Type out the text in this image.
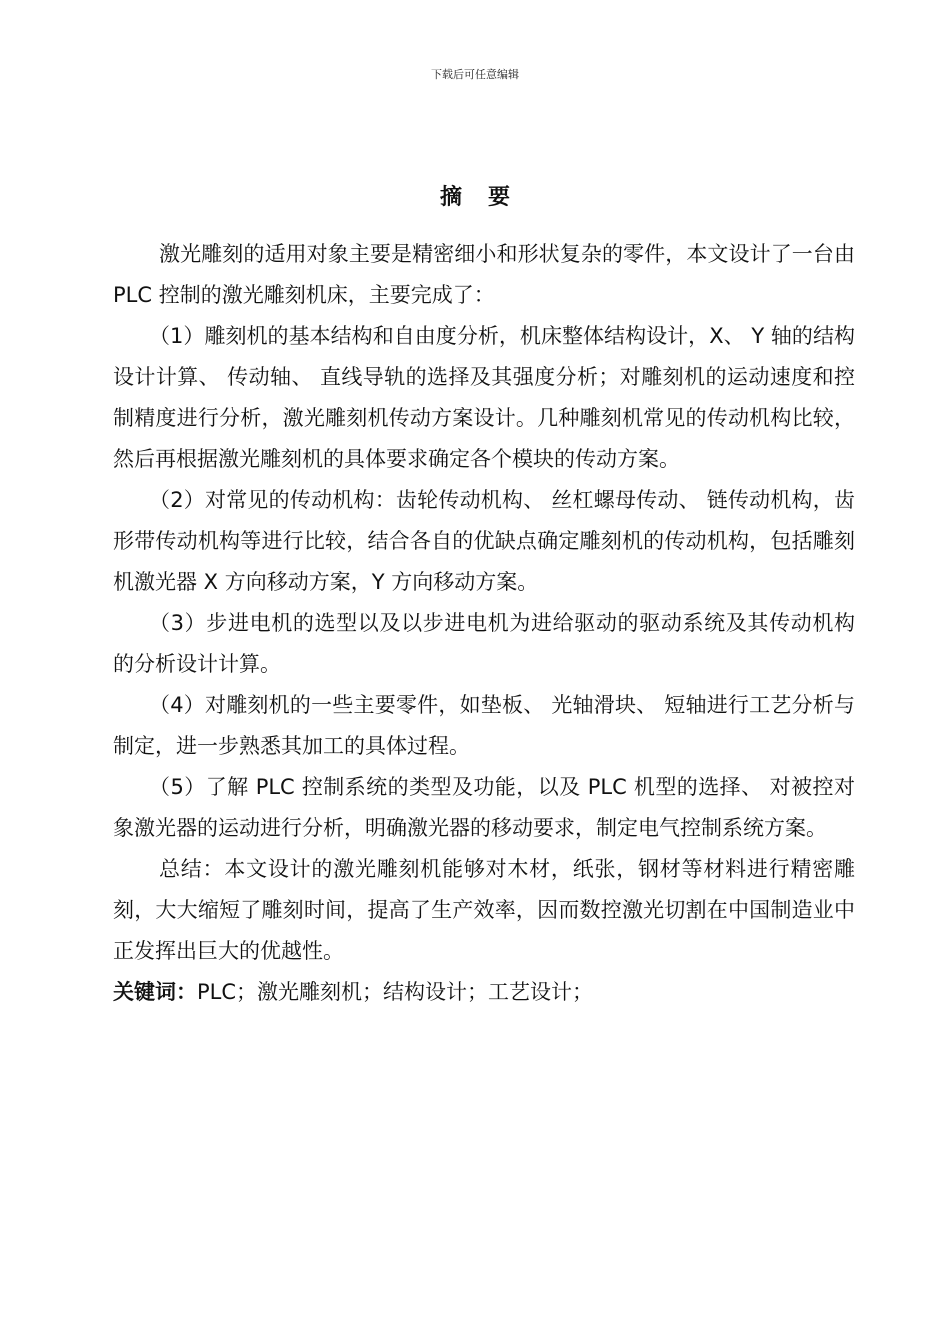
下载后可任意编辑
摘 要

激光雕刻的适用对象主要是精密细小和形状复杂的零件，本文设计了一台由 PLC 控制的激光雕刻机床，主要完成了：

（1）雕刻机的基本结构和自由度分析，机床整体结构设计，X、 Y 轴的结构设计计算、 传动轴、 直线导轨的选择及其强度分析；对雕刻机的运动速度和控制精度进行分析，激光雕刻机传动方案设计。几种雕刻机常见的传动机构比较，然后再根据激光雕刻机的具体要求确定各个模块的传动方案。

（2）对常见的传动机构：齿轮传动机构、 丝杠螺母传动、 链传动机构，齿形带传动机构等进行比较，结合各自的优缺点确定雕刻机的传动机构，包括雕刻机激光器 X 方向移动方案，Y 方向移动方案。

（3）步进电机的选型以及以步进电机为进给驱动的驱动系统及其传动机构的分析设计计算。

（4）对雕刻机的一些主要零件，如垫板、 光轴滑块、 短轴进行工艺分析与制定，进一步熟悉其加工的具体过程。

（5）了解 PLC 控制系统的类型及功能，以及 PLC 机型的选择、 对被控对象激光器的运动进行分析，明确激光器的移动要求，制定电气控制系统方案。

总结：本文设计的激光雕刻机能够对木材，纸张，钢材等材料进行精密雕刻，大大缩短了雕刻时间，提高了生产效率，因而数控激光切割在中国制造业中正发挥出巨大的优越性。

关键词：PLC；激光雕刻机；结构设计；工艺设计；
